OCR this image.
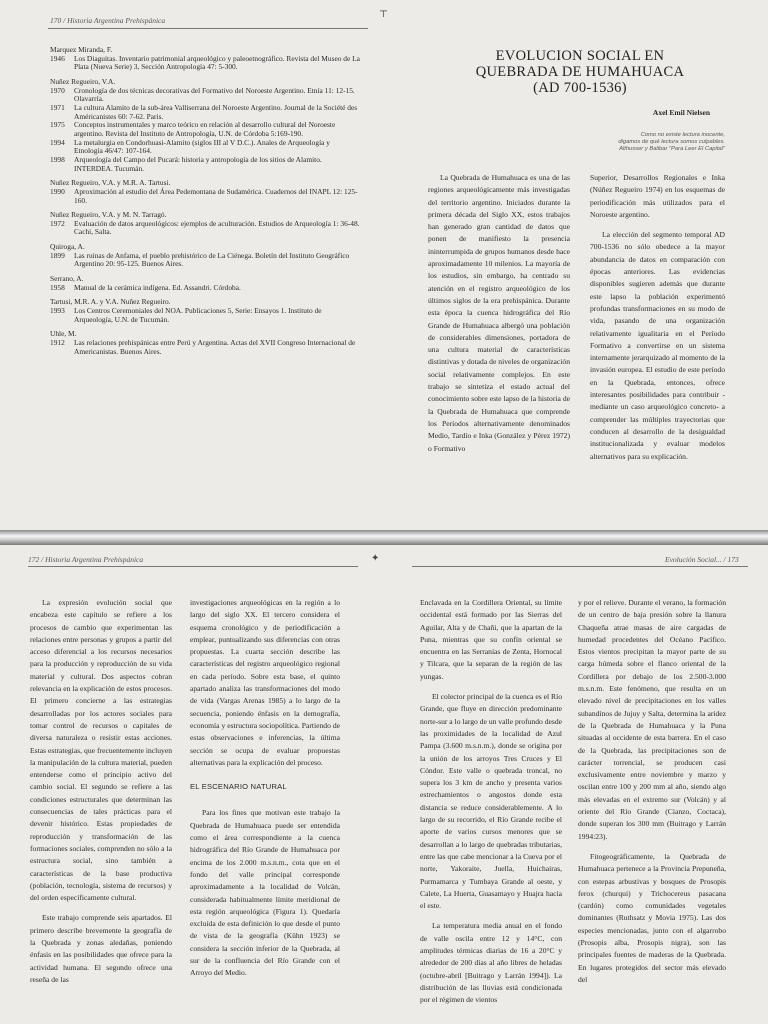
170 / Historia Argentina Prehispánica
┬
Marquez Miranda, F.
1946 Los Diaguitas. Inventario patrimonial arqueológico y paleoetnográfico. Revista del Museo de La Plata (Nueva Serie) 3, Sección Antropología 47: 5-300.
Nuñez Regueiro, V.A.
1970 Cronología de dos técnicas decorativas del Formativo del Noroeste Argentino. Etnía 11: 12-15. Olavarría.
1971 La cultura Alamito de la sub-área Valliserrana del Noroeste Argentino. Journal de la Société des Américanistes 60: 7-62. Paris.
1975 Conceptos instrumentales y marco teórico en relación al desarrollo cultural del Noroeste argentino. Revista del Instituto de Antropología, U.N. de Córdoba 5:169-190.
1994 La metalurgia en Condorhuasi-Alamito (siglos III al V D.C.). Anales de Arqueología y Etnología 46/47: 107-164.
1998 Arqueología del Campo del Pucará: historia y antropología de los sitios de Alamito. INTERDEA. Tucumán.
Nuñez Regueiro, V.A. y M.R. A. Tartusi.
1990 Aproximación al estudio del Área Pedemontana de Sudamérica. Cuadernos del INAPL 12: 125-160.
Nuñez Regueiro, V.A. y M. N. Tarragó.
1972 Evaluación de datos arqueológicos: ejemplos de aculturación. Estudios de Arqueología 1: 36-48. Cachi, Salta.
Quiroga, A.
1899 Las ruinas de Anfama, el pueblo prehistórico de La Ciénega. Boletín del Instituto Geográfico Argentino 20: 95-125. Buenos Aires.
Serrano, A.
1958 Manual de la cerámica indígena. Ed. Assandri. Córdoba.
Tartusi, M.R. A. y V.A. Nuñez Regueiro.
1993 Los Centros Ceremoniales del NOA. Publicaciones 5, Serie: Ensayos 1. Instituto de Arqueología, U.N. de Tucumán.
Uhle, M.
1912 Las relaciones prehispánicas entre Perú y Argentina. Actas del XVII Congreso Internacional de Americanistas. Buenos Aires.
EVOLUCION SOCIAL EN
QUEBRADA DE HUMAHUACA
(AD 700-1536)
Axel Emil Nielsen
Como no existe lectura inocente,
digamos de qué lectura somos culpables.
Althusser y Balibar "Para Leer El Capital"

La Quebrada de Humahuaca es una de las regiones arqueológicamente más investigadas del territorio argentino. Iniciados durante la primera década del Siglo XX, estos trabajos han generado gran cantidad de datos que ponen de manifiesto la presencia ininterrumpida de grupos humanos desde hace aproximadamente 10 milenios. La mayoría de los estudios, sin embargo, ha centrado su atención en el registro arqueológico de los últimos siglos de la era prehispánica. Durante esta época la cuenca hidrográfica del Río Grande de Humahuaca albergó una población de considerables dimensiones, portadora de una cultura material de características distintivas y dotada de niveles de organización social relativamente complejos. En este trabajo se sintetiza el estado actual del conocimiento sobre este lapso de la historia de la Quebrada de Humahuaca que comprende los Períodos alternativamente denominados Medio, Tardío e Inka (González y Pérez 1972) o Formativo

Superior, Desarrollos Regionales e Inka (Núñez Regueiro 1974) en los esquemas de periodificación más utilizados para el Noroeste argentino.

La elección del segmento temporal AD 700-1536 no sólo obedece a la mayor abundancia de datos en comparación con épocas anteriores. Las evidencias disponibles sugieren además que durante este lapso la población experimentó profundas transformaciones en su modo de vida, pasando de una organización relativamente igualitaria en el Período Formativo a convertirse en un sistema internamente jerarquizado al momento de la invasión europea. El estudio de este período en la Quebrada, entonces, ofrece interesantes posibilidades para contribuir -mediante un caso arqueológico concreto- a comprender las múltiples trayectorias que conducen al desarrollo de la desigualdad institucionalizada y evaluar modelos alternativos para su explicación.

172 / Historia Argentina Prehispánica	Evolución Social... / 173
✦

La expresión evolución social que encabeza este capítulo se refiere a los procesos de cambio que experimentan las relaciones entre personas y grupos a partir del acceso diferencial a los recursos necesarios para la producción y reproducción de su vida material y cultural. Dos aspectos cobran relevancia en la explicación de estos procesos. El primero concierne a las estrategias desarrolladas por los actores sociales para tomar control de recursos o capitales de diversa naturaleza o resistir estas acciones. Estas estrategias, que frecuentemente incluyen la manipulación de la cultura material, pueden entenderse como el principio activo del cambio social. El segundo se refiere a las condiciones estructurales que determinan las consecuencias de tales prácticas para el devenir histórico. Estas propiedades de reproducción y transformación de las formaciones sociales, comprenden no sólo a la estructura social, sino también a características de la base productiva (población, tecnología, sistema de recursos) y del orden específicamente cultural.

Este trabajo comprende seis apartados. El primero describe brevemente la geografía de la Quebrada y zonas aledañas, poniendo énfasis en las posibilidades que ofrece para la actividad humana. El segundo ofrece una reseña de las

investigaciones arqueológicas en la región a lo largo del siglo XX. El tercero considera el esquema cronológico y de periodificación a emplear, puntualizando sus diferencias con otras propuestas. La cuarta sección describe las características del registro arqueológico regional en cada período. Sobre esta base, el quinto apartado analiza las transformaciones del modo de vida (Vargas Arenas 1985) a lo largo de la secuencia, poniendo énfasis en la demografía, economía y estructura sociopolítica. Partiendo de estas observaciones e inferencias, la última sección se ocupa de evaluar propuestas alternativas para la explicación del proceso.

EL ESCENARIO NATURAL

Para los fines que motivan este trabajo la Quebrada de Humahuaca puede ser entendida como el área correspondiente a la cuenca hidrográfica del Río Grande de Humahuaca por encima de los 2.000 m.s.n.m., cota que en el fondo del valle principal corresponde aproximadamente a la localidad de Volcán, considerada habitualmente límite meridional de esta región arqueológica (Figura 1). Quedaría excluída de esta definición lo que desde el punto de vista de la geografía (Kühn 1923) se considera la sección inferior de la Quebrada, al sur de la confluencia del Río Grande con el Arroyo del Medio.

Enclavada en la Cordillera Oriental, su límite occidental está formado por las Sierras del Aguilar, Alta y de Chañi, que la apartan de la Puna, mientras que su confín oriental se encuentra en las Serranías de Zenta, Hornocal y Tilcara, que la separan de la región de las yungas.

El colector principal de la cuenca es el Río Grande, que fluye en dirección predominante norte-sur a lo largo de un valle profundo desde las proximidades de la localidad de Azul Pampa (3.600 m.s.n.m.), donde se origina por la unión de los arroyos Tres Cruces y El Cóndor. Este valle o quebrada troncal, no supera los 3 km de ancho y presenta varios estrechamientos o angostos donde esta distancia se reduce considerablemente. A lo largo de su recorrido, el Río Grande recibe el aporte de varios cursos menores que se desarrollan a lo largo de quebradas tributarias, entre las que cabe mencionar a la Cueva por el norte, Yakoraite, Juella, Huichairas, Purmamarca y Tumbaya Grande al oeste, y Calete, La Huerta, Guasamayo y Huajra hacia el este.

La temperatura media anual en el fondo de valle oscila entre 12 y 14°C, con amplitudes térmicas diarias de 16 a 20°C y alrededor de 200 días al año libres de heladas (octubre-abril [Buitrago y Larrán 1994]). La distribución de las lluvias está condicionada por el régimen de vientos

y por el relieve. Durante el verano, la formación de un centro de baja presión sobre la llanura Chaqueña atrae masas de aire cargadas de humedad procedentes del Océano Pacífico. Estos vientos precipitan la mayor parte de su carga húmeda sobre el flanco oriental de la Cordillera por debajo de los 2.500-3.000 m.s.n.m. Este fenómeno, que resulta en un elevado nivel de precipitaciones en los valles subandinos de Jujuy y Salta, determina la aridez de la Quebrada de Humahuaca y la Puna situadas al occidente de esta barrera. En el caso de la Quebrada, las precipitaciones son de carácter torrencial, se producen casi exclusivamente entre noviembre y marzo y oscilan entre 100 y 200 mm al año, siendo algo más elevadas en el extremo sur (Volcán) y al oriente del Río Grande (Cianzo, Coctaca), donde superan los 300 mm (Buitrago y Larrán 1994:23).

Fitogeográficamente, la Quebrada de Humahuaca pertenece a la Provincia Prepuneña, con estepas arbustivas y bosques de Prosopis ferox (churqui) y Trichocereus pasacana (cardón) como comunidades vegetales dominantes (Ruthsatz y Movia 1975). Las dos especies mencionadas, junto con el algarrobo (Prosopis alba, Prosopis nigra), son las principales fuentes de maderas de la Quebrada. En lugares protegidos del sector más elevado del
